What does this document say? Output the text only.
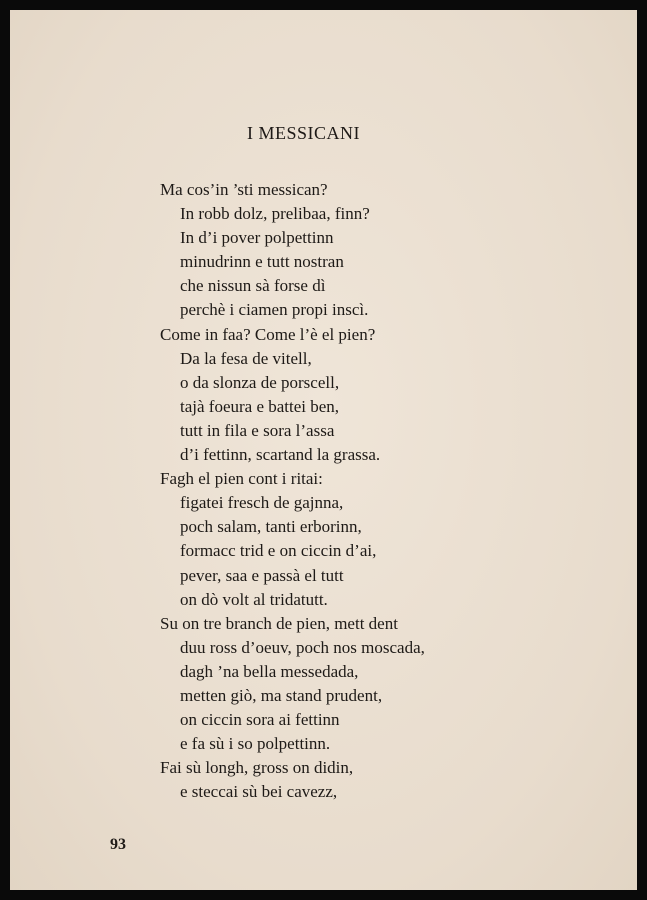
I MESSICANI
Ma cos’in ’sti messican?
In robb dolz, prelibaa, finn?
In d’i pover polpettinn
minudrinn e tutt nostran
che nissun sà forse dì
perchè i ciamen propi inscì.
Come in faa? Come l’è el pien?
Da la fesa de vitell,
o da slonza de porscell,
tajà foeura e battei ben,
tutt in fila e sora l’assa
d’i fettinn, scartand la grassa.
Fagh el pien cont i ritai:
figatei fresch de gajnna,
poch salam, tanti erborinn,
formacc trid e on ciccin d’ai,
pever, saa e passà el tutt
on dò volt al tridatutt.
Su on tre branch de pien, mett dent
duu ross d’oeuv, poch nos moscada,
dagh ’na bella messedada,
metten giò, ma stand prudent,
on ciccin sora ai fettinn
e fa sù i so polpettinn.
Fai sù longh, gross on didin,
e steccai sù bei cavezz,
93
